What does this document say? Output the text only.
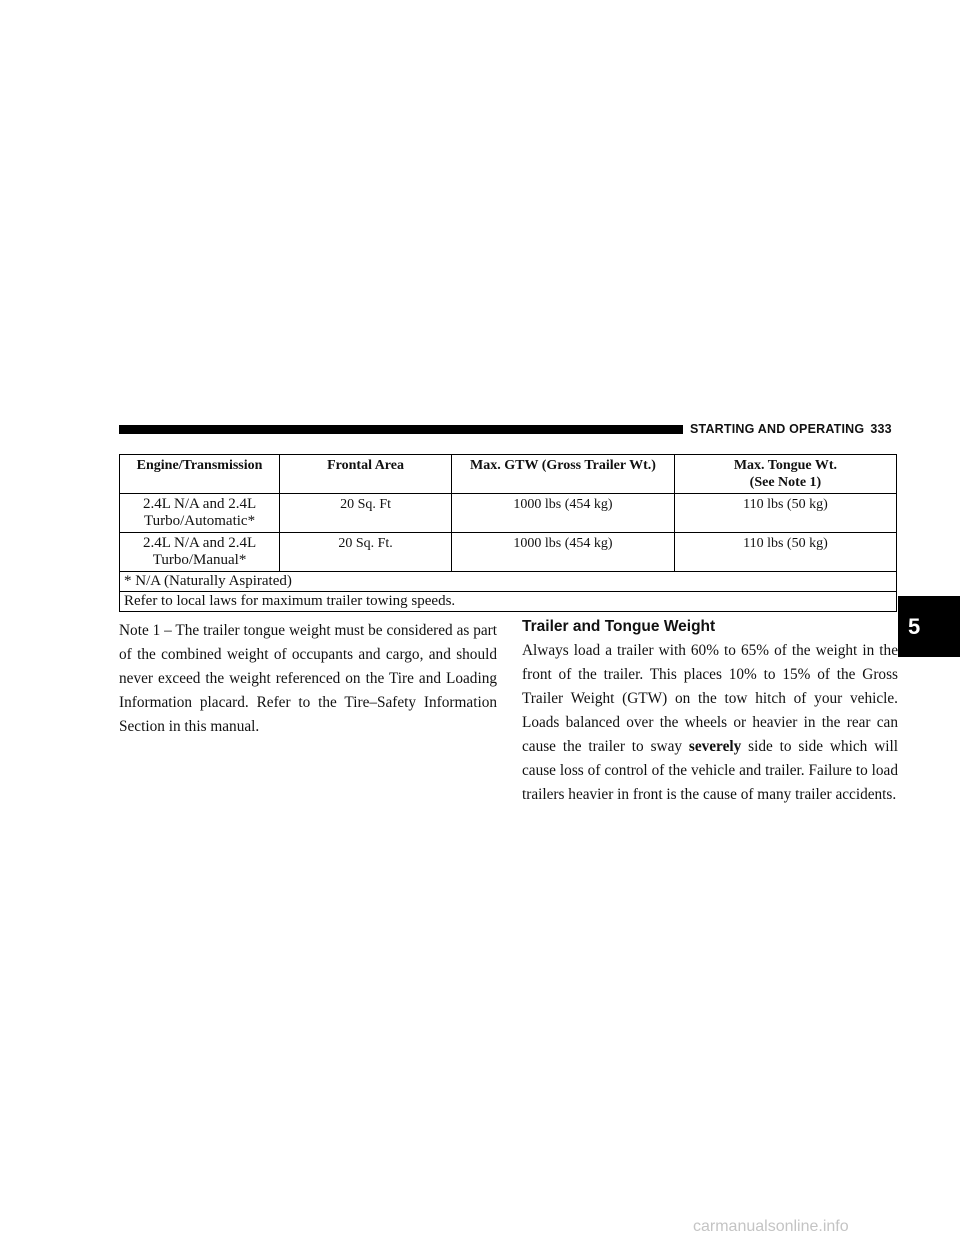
STARTING AND OPERATING 333
5
Engine/Transmission	Frontal Area	Max. GTW (Gross Trailer Wt.)	Max. Tongue Wt.
(See Note 1)
2.4L N/A and 2.4L
Turbo/Automatic*	20 Sq. Ft	1000 lbs (454 kg)	110 lbs (50 kg)
2.4L N/A and 2.4L
Turbo/Manual*	20 Sq. Ft.	1000 lbs (454 kg)	110 lbs (50 kg)
* N/A (Naturally Aspirated)			
Refer to local laws for maximum trailer towing speeds.			
Note 1 – The trailer tongue weight must be considered as part of the combined weight of occupants and cargo, and should never exceed the weight referenced on the Tire and Loading Information placard. Refer to the Tire–Safety Information Section in this manual.
Trailer and Tongue Weight

Always load a trailer with 60% to 65% of the weight in the front of the trailer. This places 10% to 15% of the Gross Trailer Weight (GTW) on the tow hitch of your vehicle. Loads balanced over the wheels or heavier in the rear can cause the trailer to sway severely side to side which will cause loss of control of the vehicle and trailer. Failure to load trailers heavier in front is the cause of many trailer accidents.

carmanualsonline.info
